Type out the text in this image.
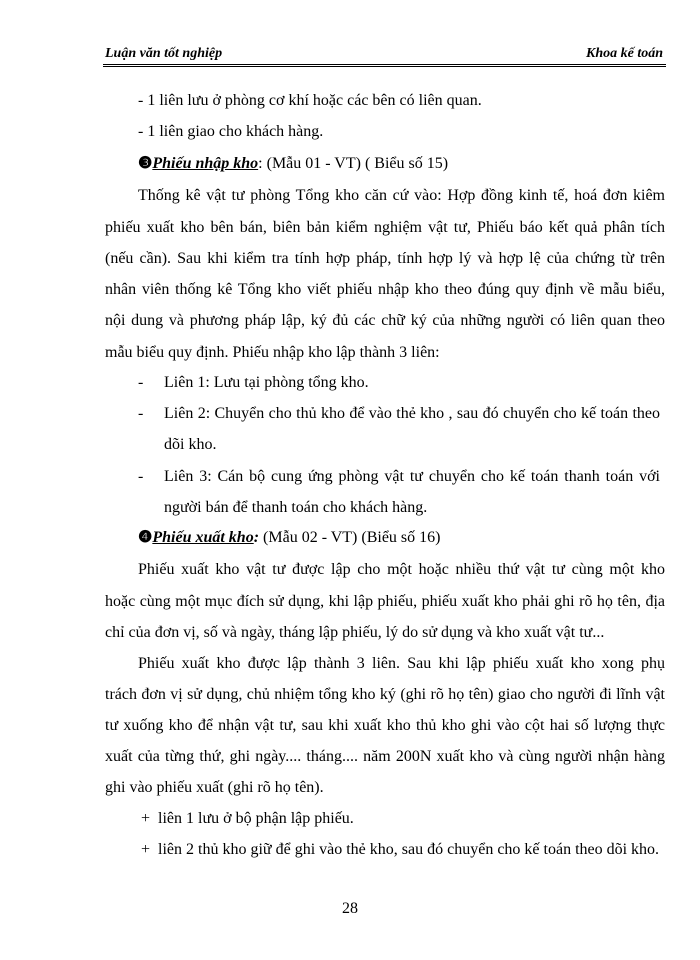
Luận văn tốt nghiệp	Khoa kế toán
- 1 liên lưu ở phòng cơ khí hoặc các bên có liên quan.
- 1 liên giao cho khách hàng.
❸Phiếu nhập kho: (Mẫu 01 - VT) ( Biểu số 15)
Thống kê vật tư phòng Tổng kho căn cứ vào: Hợp đồng kinh tế, hoá đơn kiêm
phiếu xuất kho bên bán, biên bản kiểm nghiệm vật tư, Phiếu báo kết quả phân tích
(nếu cần). Sau khi kiểm tra tính hợp pháp, tính hợp lý và hợp lệ của chứng từ trên
nhân viên thống kê Tổng kho viết phiếu nhập kho theo đúng quy định về mẫu biểu,
nội dung và phương pháp lập, ký đủ các chữ ký của những người có liên quan theo
mẫu biểu quy định. Phiếu nhập kho lập thành 3 liên:
- Liên 1: Lưu tại phòng tổng kho.
- Liên 2: Chuyển cho thủ kho để vào thẻ kho , sau đó chuyển cho kế toán theo
dõi kho.
- Liên 3: Cán bộ cung ứng phòng vật tư chuyển cho kế toán thanh toán với
người bán để thanh toán cho khách hàng.
❹Phiếu xuất kho: (Mẫu 02 - VT) (Biểu số 16)
Phiếu xuất kho vật tư được lập cho một hoặc nhiều thứ vật tư cùng một kho
hoặc cùng một mục đích sử dụng, khi lập phiếu, phiếu xuất kho phải ghi rõ họ tên, địa
chỉ của đơn vị, số và ngày, tháng lập phiếu, lý do sử dụng và kho xuất vật tư...
Phiếu xuất kho được lập thành 3 liên. Sau khi lập phiếu xuất kho xong phụ
trách đơn vị sử dụng, chủ nhiệm tổng kho ký (ghi rõ họ tên) giao cho người đi lĩnh vật
tư xuống kho để nhận vật tư, sau khi xuất kho thủ kho ghi vào cột hai số lượng thực
xuất của từng thứ, ghi ngày.... tháng.... năm 200N xuất kho và cùng người nhận hàng
ghi vào phiếu xuất (ghi rõ họ tên).
+ liên 1 lưu ở bộ phận lập phiếu.
+ liên 2 thủ kho giữ để ghi vào thẻ kho, sau đó chuyển cho kế toán theo dõi kho.
28
